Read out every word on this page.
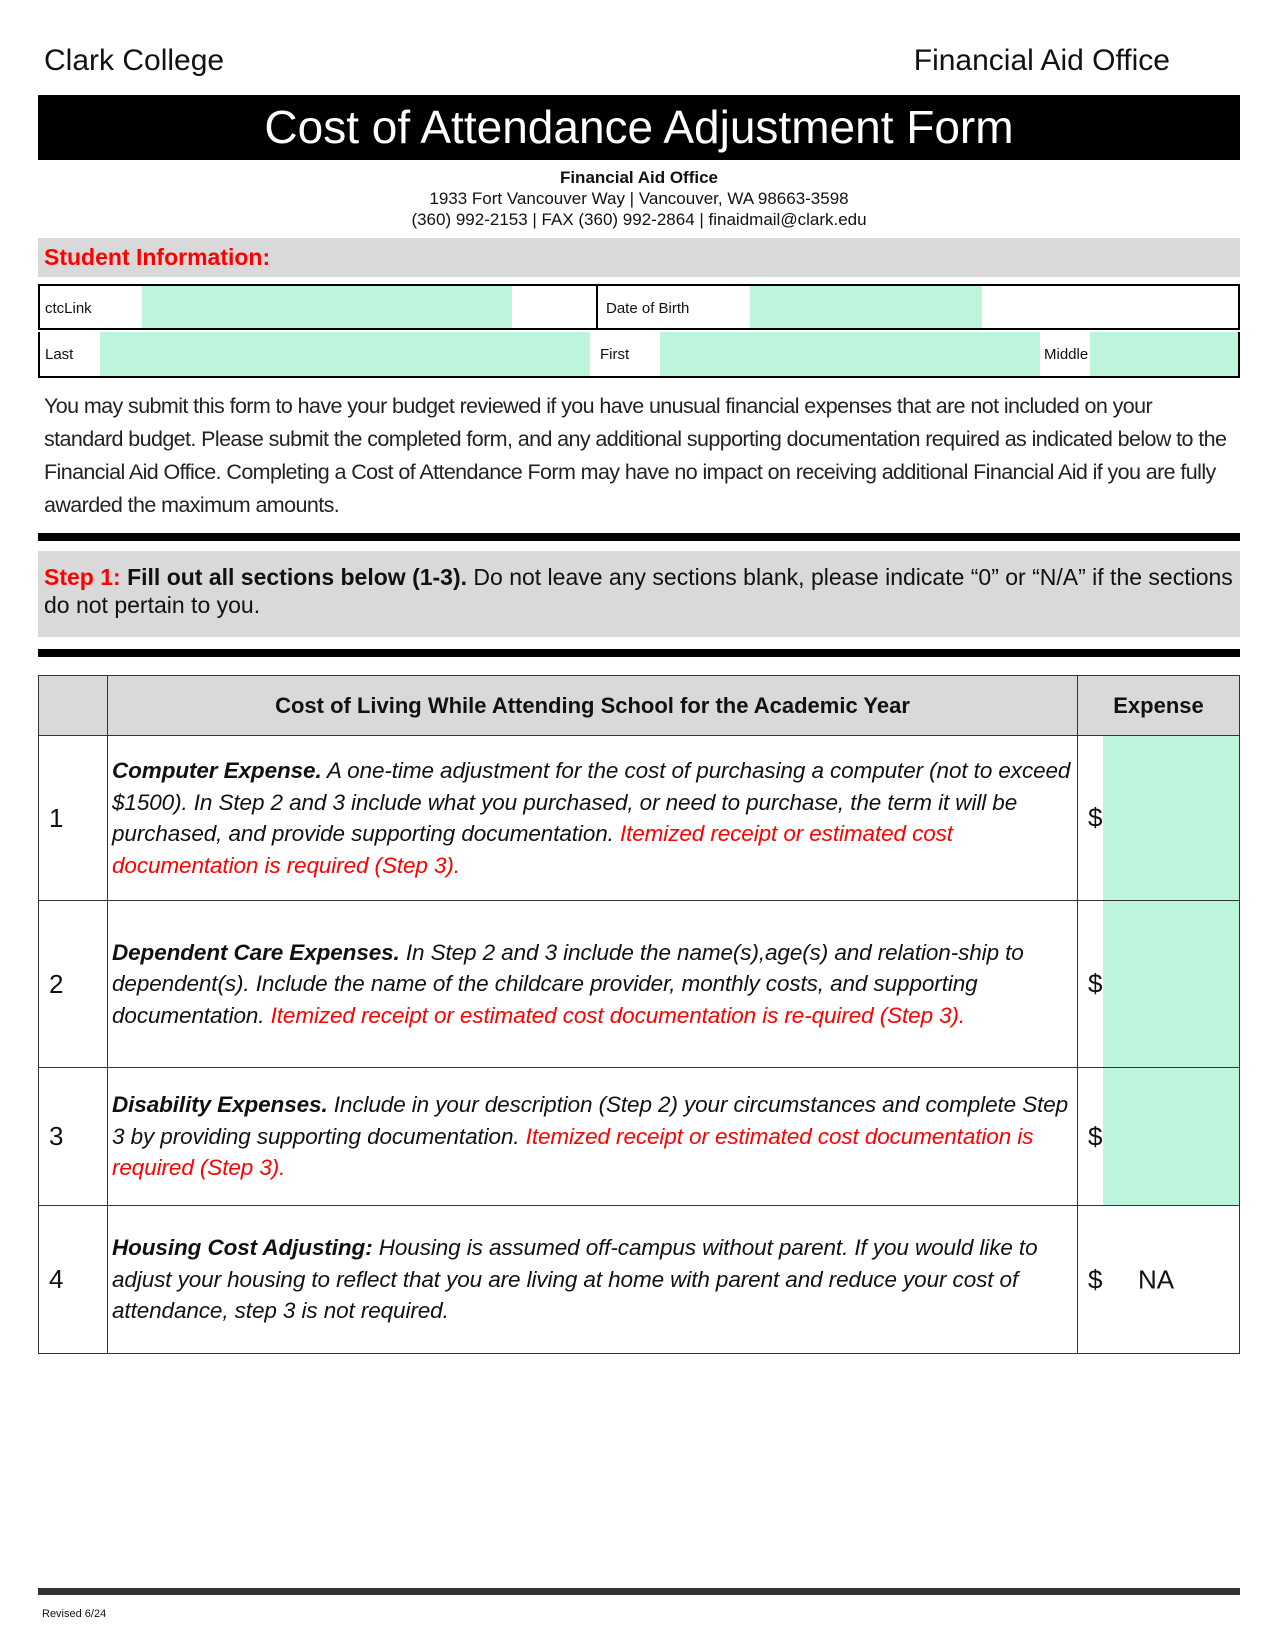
Clark College	Financial Aid Office
Cost of Attendance Adjustment Form
Financial Aid Office
1933 Fort Vancouver Way | Vancouver, WA 98663-3598
(360) 992-2153 | FAX (360) 992-2864 | finaidmail@clark.edu
Student Information:
ctcLink	Date of Birth
Last	First	Middle
You may submit this form to have your budget reviewed if you have unusual financial expenses that are not included on your standard budget. Please submit the completed form, and any additional supporting documentation required as indicated below to the Financial Aid Office. Completing a Cost of Attendance Form may have no impact on receiving additional Financial Aid if you are fully awarded the maximum amounts.
Step 1: Fill out all sections below (1-3). Do not leave any sections blank, please indicate “0” or “N/A” if the sections do not pertain to you.
	Cost of Living While Attending School for the Academic Year	Expense
1	Computer Expense. A one-time adjustment for the cost of purchasing a computer (not to exceed $1500). In Step 2 and 3 include what you purchased, or need to purchase, the term it will be purchased, and provide supporting documentation. Itemized receipt or estimated cost documentation is required (Step 3).	$

2	Dependent Care Expenses. In Step 2 and 3 include the name(s),age(s) and relation-ship to dependent(s). Include the name of the childcare provider, monthly costs, and supporting documentation. Itemized receipt or estimated cost documentation is re-quired (Step 3).	$

3	Disability Expenses. Include in your description (Step 2) your circumstances and complete Step 3 by providing supporting documentation. Itemized receipt or estimated cost documentation is required (Step 3).	$

4	Housing Cost Adjusting: Housing is assumed off-campus without parent. If you would like to adjust your housing to reflect that you are living at home with parent and reduce your cost of attendance, step 3 is not required.	$ NA
Revised 6/24
